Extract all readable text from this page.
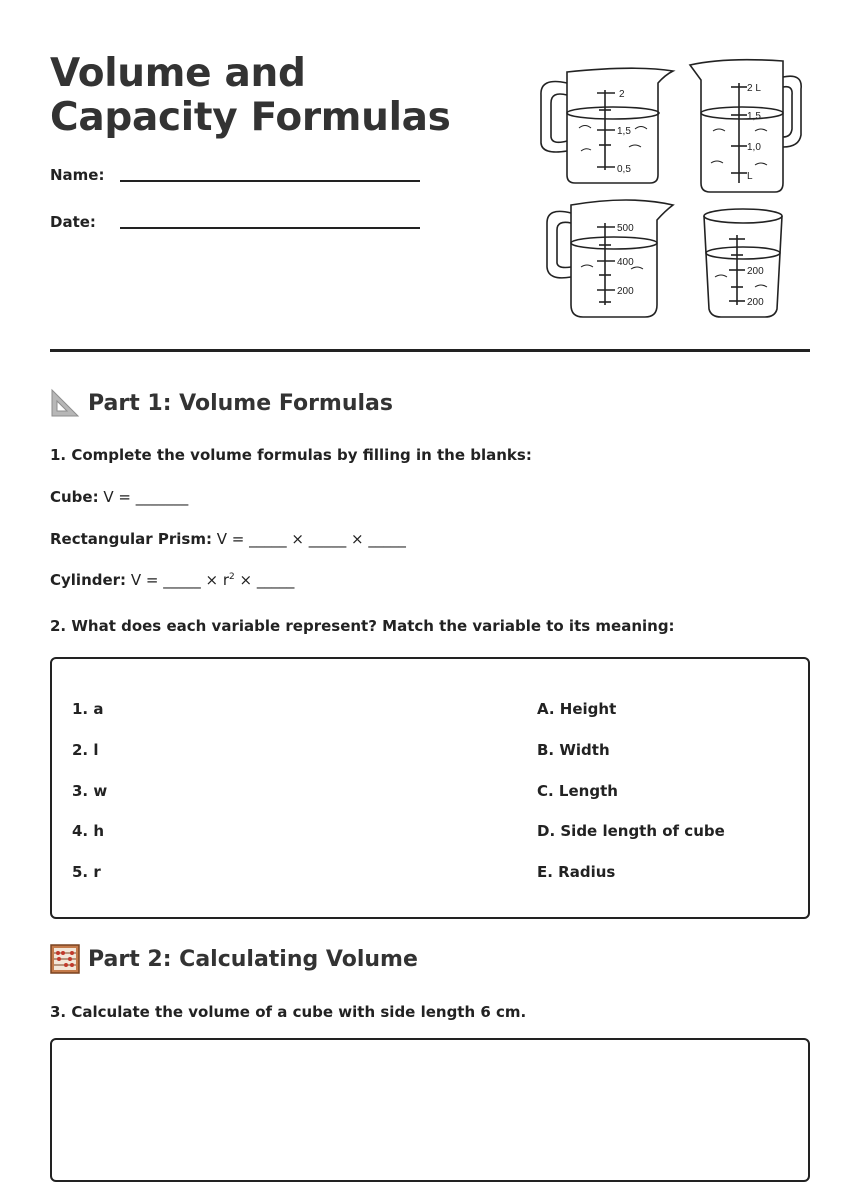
Volume and Capacity Formulas
Name:
Date:
2
1,5
0,5
2 L
1,5
1,0
L
500
400
200
200
200
Part 1: Volume Formulas
1. Complete the volume formulas by filling in the blanks:
Cube: V = _______
Rectangular Prism: V = _____ × _____ × _____
Cylinder: V = _____ × $r^2$ × _____
2. What does each variable represent? Match the variable to its meaning:
1. a
2. l
3. w
4. h
5. r
A. Height
B. Width
C. Length
D. Side length of cube
E. Radius
Part 2: Calculating Volume
3. Calculate the volume of a cube with side length 6 cm.
